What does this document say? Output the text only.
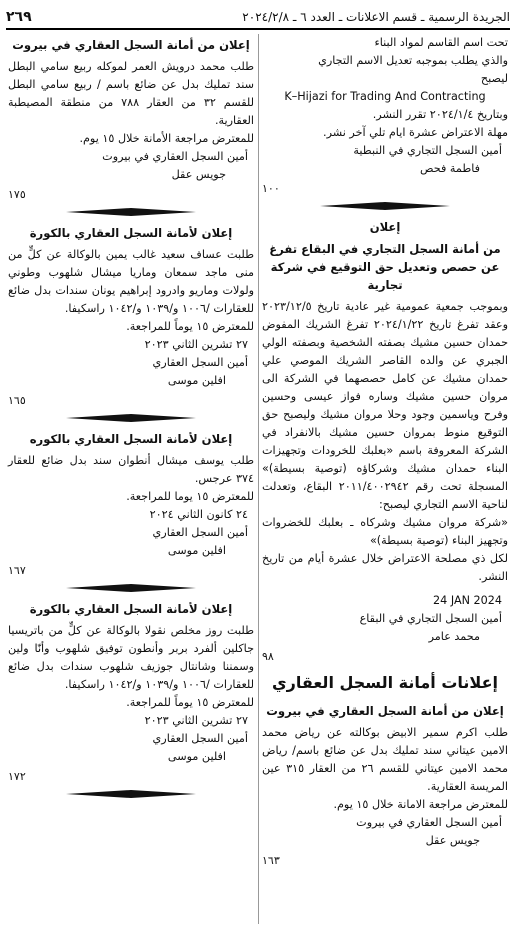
الجريدة الرسمية ـ قسم الاعلانات ـ العدد ٦ ـ ٢٠٢٤/٢/٨
٢٦٩

تحت اسم القاسم لمواد البناء

والذي يطلب بموجبه تعديل الاسم التجاري

ليصبح

K–Hijazi for Trading And Contracting

وبتاريخ ٢٠٢٤/١/٤ تقرر النشر.

مهلة الاعتراض عشرة ايام تلي آخر نشر.

أمين السجل التجاري في النبطية

فاطمة فحص

١٠٠

إعلان

من أمانة السجل التجاري في البقاع تفرغ عن حصص وتعديل حق التوقيع في شركة تجارية

وبموجب جمعية عمومية غير عادية تاريخ ٢٠٢٣/١٢/٥ وعقد تفرغ تاريخ ٢٠٢٤/١/٢٢ تفرغ الشريك المفوض حمدان حسين مشيك بصفته الشخصية وبصفته الولي الجبري عن والده القاصر الشريك الموصي علي حمدان مشيك عن كامل حصصهما في الشركة الى مروان حسين مشيك وساره فواز عيسى وحسين وفرح وياسمين وجود وحلا مروان مشيك وليصبح حق التوقيع منوط بمروان حسين مشيك بالانفراد في الشركة المعروفة باسم «بعلبك للخرودات وتجهيزات البناء حمدان مشيك وشركاؤه (توصية بسيطة)» المسجلة تحت رقم ٢٠١١/٤٠٠٢٩٤٢ البقاع، وتعدلت لناحية الاسم التجاري ليصبح:

«شركة مروان مشيك وشركاه ـ بعلبك للخضروات وتجهيز البناء (توصية بسيطة)»

لكل ذي مصلحة الاعتراض خلال عشرة أيام من تاريخ النشر.

24 JAN 2024

أمين السجل التجاري في البقاع

محمد عامر

٩٨

إعلانات أمانة السجل العقاري

إعلان من أمانة السجل العقاري في بيروت

طلب اكرم سمير الابيض بوكالته عن رياض محمد الامين عيتاني سند تمليك بدل عن ضائع باسم/ رياض محمد الامين عيتاني للقسم ٢٦ من العقار ٣١٥ عين المريسة العقارية.

للمعترض مراجعة الامانة خلال ١٥ يوم.

أمين السجل العقاري في بيروت

جويس عقل

١٦٣

إعلان من أمانة السجل العقاري في بيروت

طلب محمد درويش العمر لموكله ربيع سامي البطل سند تمليك بدل عن ضائع باسم / ربيع سامي البطل للقسم ٣٢ من العقار ٧٨٨ من منطقة المصيطبة العقارية.

للمعترض مراجعة الأمانة خلال ١٥ يوم.

أمين السجل العقاري في بيروت

جويس عقل

١٧٥

إعلان لأمانة السجل العقاري بالكورة

طلبت عساف سعيد غالب يمين بالوكالة عن كلٍّ من منى ماجد سمعان وماريا ميشال شلهوب وطوني ولولات وماريو وادرود إبراهيم يونان سندات بدل ضائع للعقارات /١٠٠٦ و/١٠٣٩ و/١٠٤٢ راسكيفا.

للمعترض ١٥ يوماً للمراجعة.

٢٧ تشرين الثاني ٢٠٢٣

أمين السجل العقاري

افلين موسى

١٦٥

إعلان لأمانة السجل العقاري بالكوره

طلب يوسف ميشال أنطوان سند بدل ضائع للعقار ٣٧٤ عرجس.

للمعترض ١٥ يوما للمراجعة.

٢٤ كانون الثاني ٢٠٢٤

أمين السجل العقاري

افلين موسى

١٦٧

إعلان لأمانة السجل العقاري بالكورة

طلبت روز مخلص نقولا بالوكالة عن كلٍّ من باتريسيا جاكلين ألفرد بربر وأنطون توفيق شلهوب وأنّا ولين وسمننا وشانتال جوزيف شلهوب سندات بدل ضائع للعقارات /١٠٠٦ و/١٠٣٩ و/١٠٤٢ راسكيفا.

للمعترض ١٥ يوماً للمراجعة.

٢٧ تشرين الثاني ٢٠٢٣

أمين السجل العقاري

افلين موسى

١٧٢
